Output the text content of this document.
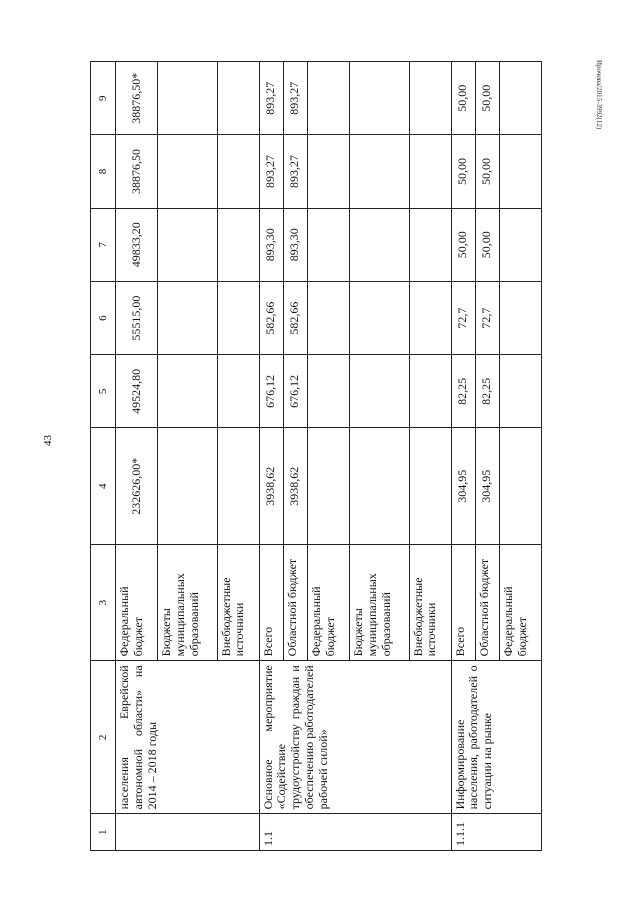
43
Ирочова/2015-3992(12)
1	2	3	4	5	6	7	8	9
	населения Еврейской автономной области» на 2014 – 2018 годы	Федеральный бюджет	232626,00*	49524,80	55515,00	49833,20	38876,50	38876,50*
		Бюджеты муниципальных образований						
		Внебюджетные источники						
1.1	Основное мероприятие «Содействие трудоустройству граждан и обеспечению работодателей рабочей силой»	Всего	3938,62	676,12	582,66	893,30	893,27	893,27
		Областной бюджет	3938,62	676,12	582,66	893,30	893,27	893,27
		Федеральный бюджет						
		Бюджеты муниципальных образований						
		Внебюджетные источники						
1.1.1	Информирование населения, работодателей о ситуации на рынке	Всего	304,95	82,25	72,7	50,00	50,00	50,00
		Областной бюджет	304,95	82,25	72,7	50,00	50,00	50,00
		Федеральный бюджет						
